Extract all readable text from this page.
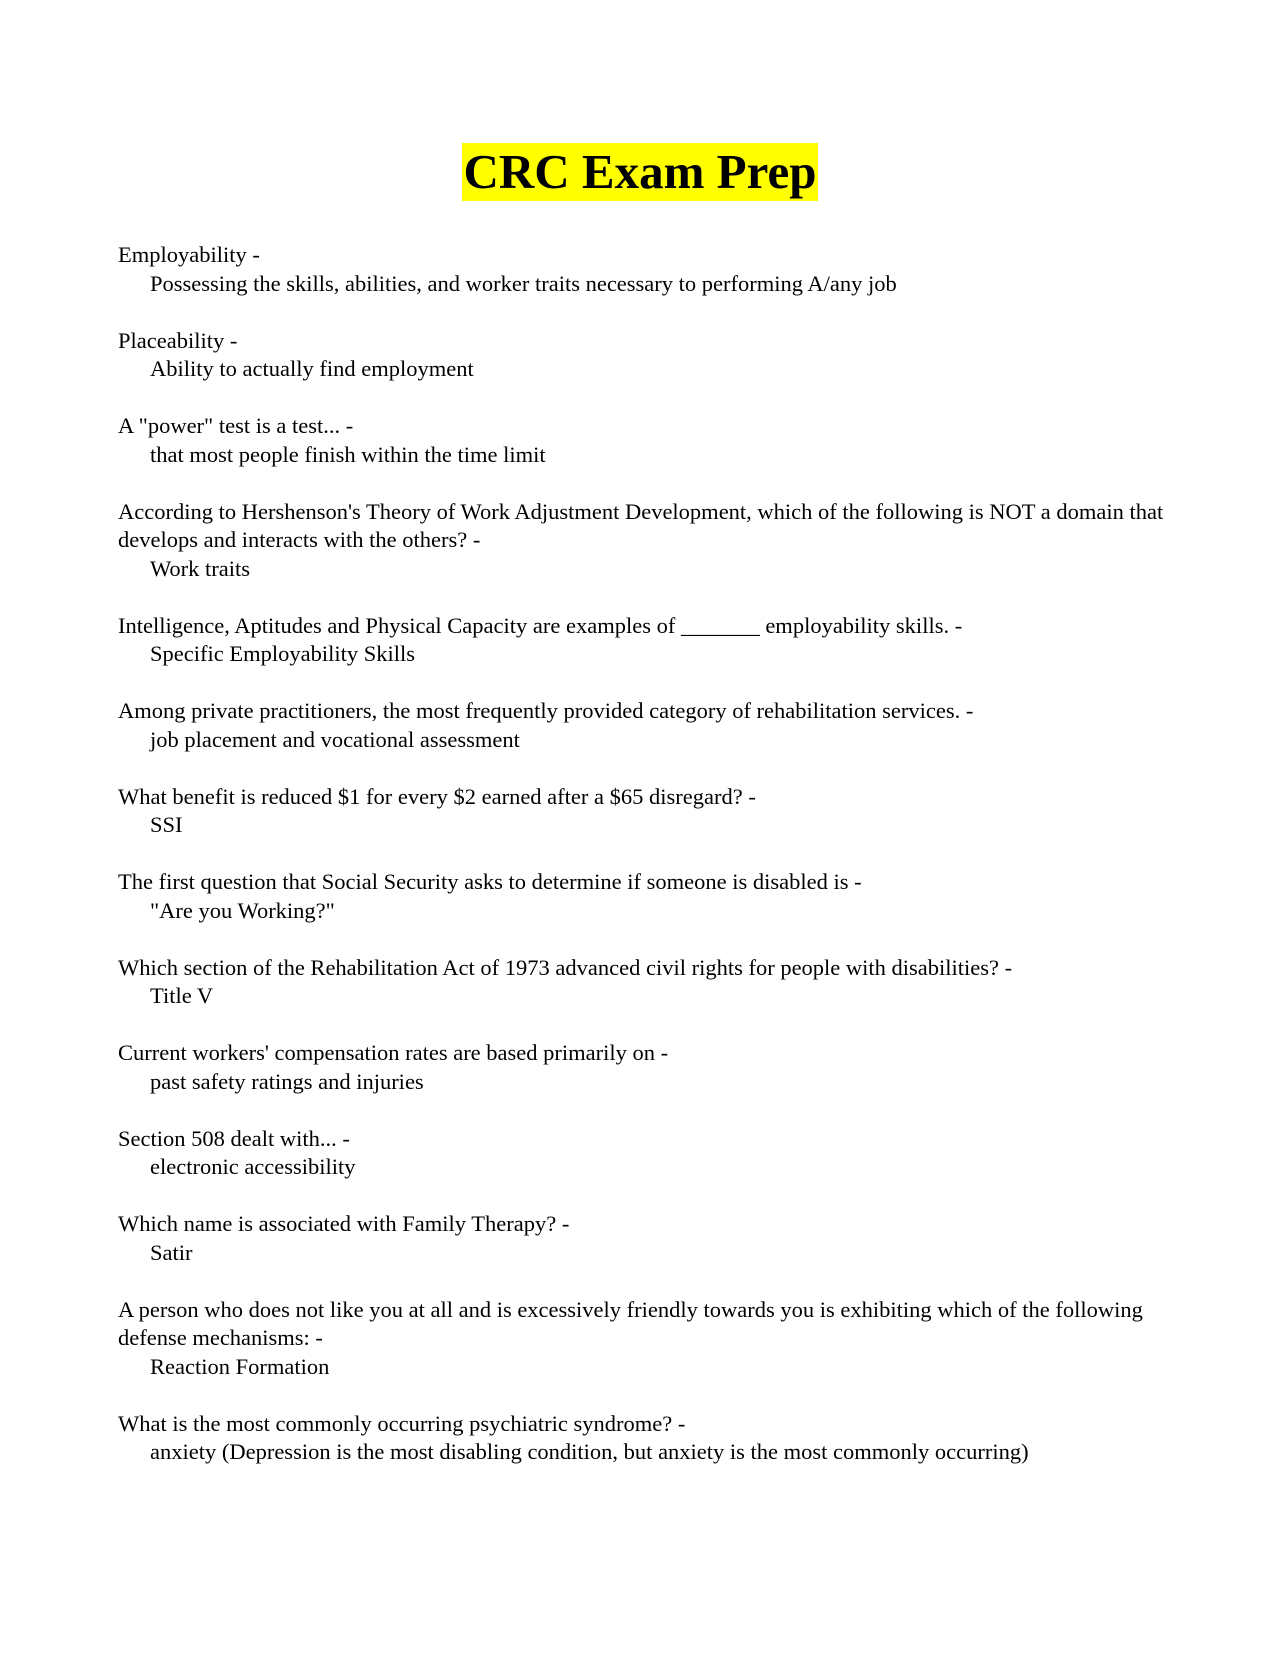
CRC Exam Prep
Employability -
Possessing the skills, abilities, and worker traits necessary to performing A/any job
Placeability -
Ability to actually find employment
A "power" test is a test... -
that most people finish within the time limit
According to Hershenson's Theory of Work Adjustment Development, which of the following is NOT a domain that develops and interacts with the others? -
Work traits
Intelligence, Aptitudes and Physical Capacity are examples of _______ employability skills. -
Specific Employability Skills
Among private practitioners, the most frequently provided category of rehabilitation services. -
job placement and vocational assessment
What benefit is reduced $1 for every $2 earned after a $65 disregard? -
SSI
The first question that Social Security asks to determine if someone is disabled is -
"Are you Working?"
Which section of the Rehabilitation Act of 1973 advanced civil rights for people with disabilities? -
Title V
Current workers' compensation rates are based primarily on -
past safety ratings and injuries
Section 508 dealt with... -
electronic accessibility
Which name is associated with Family Therapy? -
Satir
A person who does not like you at all and is excessively friendly towards you is exhibiting which of the following defense mechanisms: -
Reaction Formation
What is the most commonly occurring psychiatric syndrome? -
anxiety (Depression is the most disabling condition, but anxiety is the most commonly occurring)
